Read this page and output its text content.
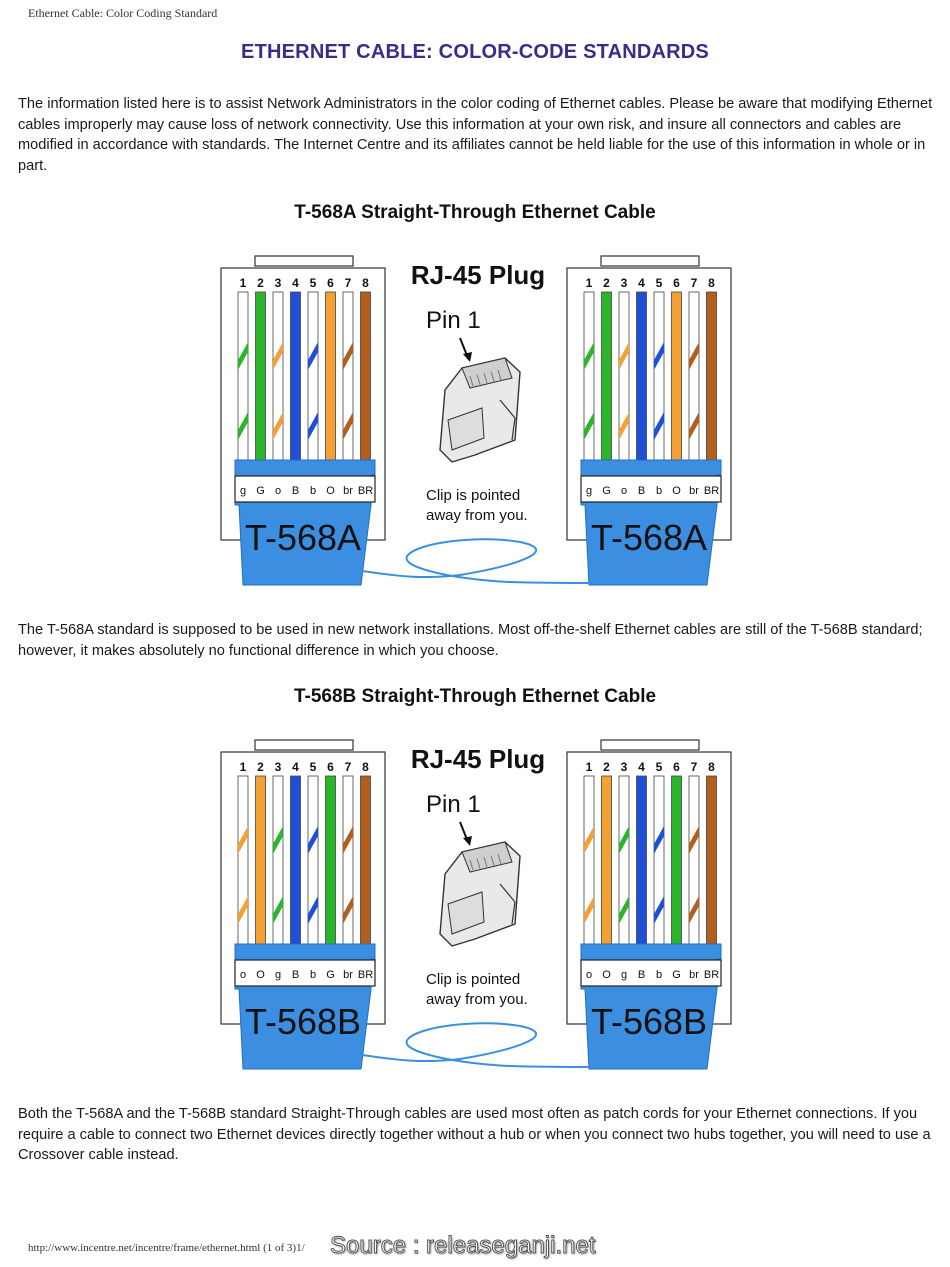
Ethernet Cable: Color Coding Standard
ETHERNET CABLE: COLOR-CODE STANDARDS
The information listed here is to assist Network Administrators in the color coding of Ethernet cables. Please be aware that modifying Ethernet cables improperly may cause loss of network connectivity. Use this information at your own risk, and insure all connectors and cables are modified in accordance with standards. The Internet Centre and its affiliates cannot be held liable for the use of this information in whole or in part.
T-568A Straight-Through Ethernet Cable
1 2 3 4 5 6 7 8
g G o B b O br BR
T-568A
1 2 3 4 5 6 7 8
g G o B b O br BR
T-568A
RJ-45 Plug
Pin 1
Clip is pointed
away from you.
The T-568A standard is supposed to be used in new network installations. Most off-the-shelf Ethernet cables are still of the T-568B standard; however, it makes absolutely no functional difference in which you choose.
T-568B Straight-Through Ethernet Cable
1 2 3 4 5 6 7 8
o O g B b G br BR
T-568B
1 2 3 4 5 6 7 8
o O g B b G br BR
T-568B
RJ-45 Plug
Pin 1
Clip is pointed
away from you.
Both the T-568A and the T-568B standard Straight-Through cables are used most often as patch cords for your Ethernet connections. If you require a cable to connect two Ethernet devices directly together without a hub or when you connect two hubs together, you will need to use a Crossover cable instead.
http://www.incentre.net/incentre/frame/ethernet.html (1 of 3)1/ Source : releaseganji.net
